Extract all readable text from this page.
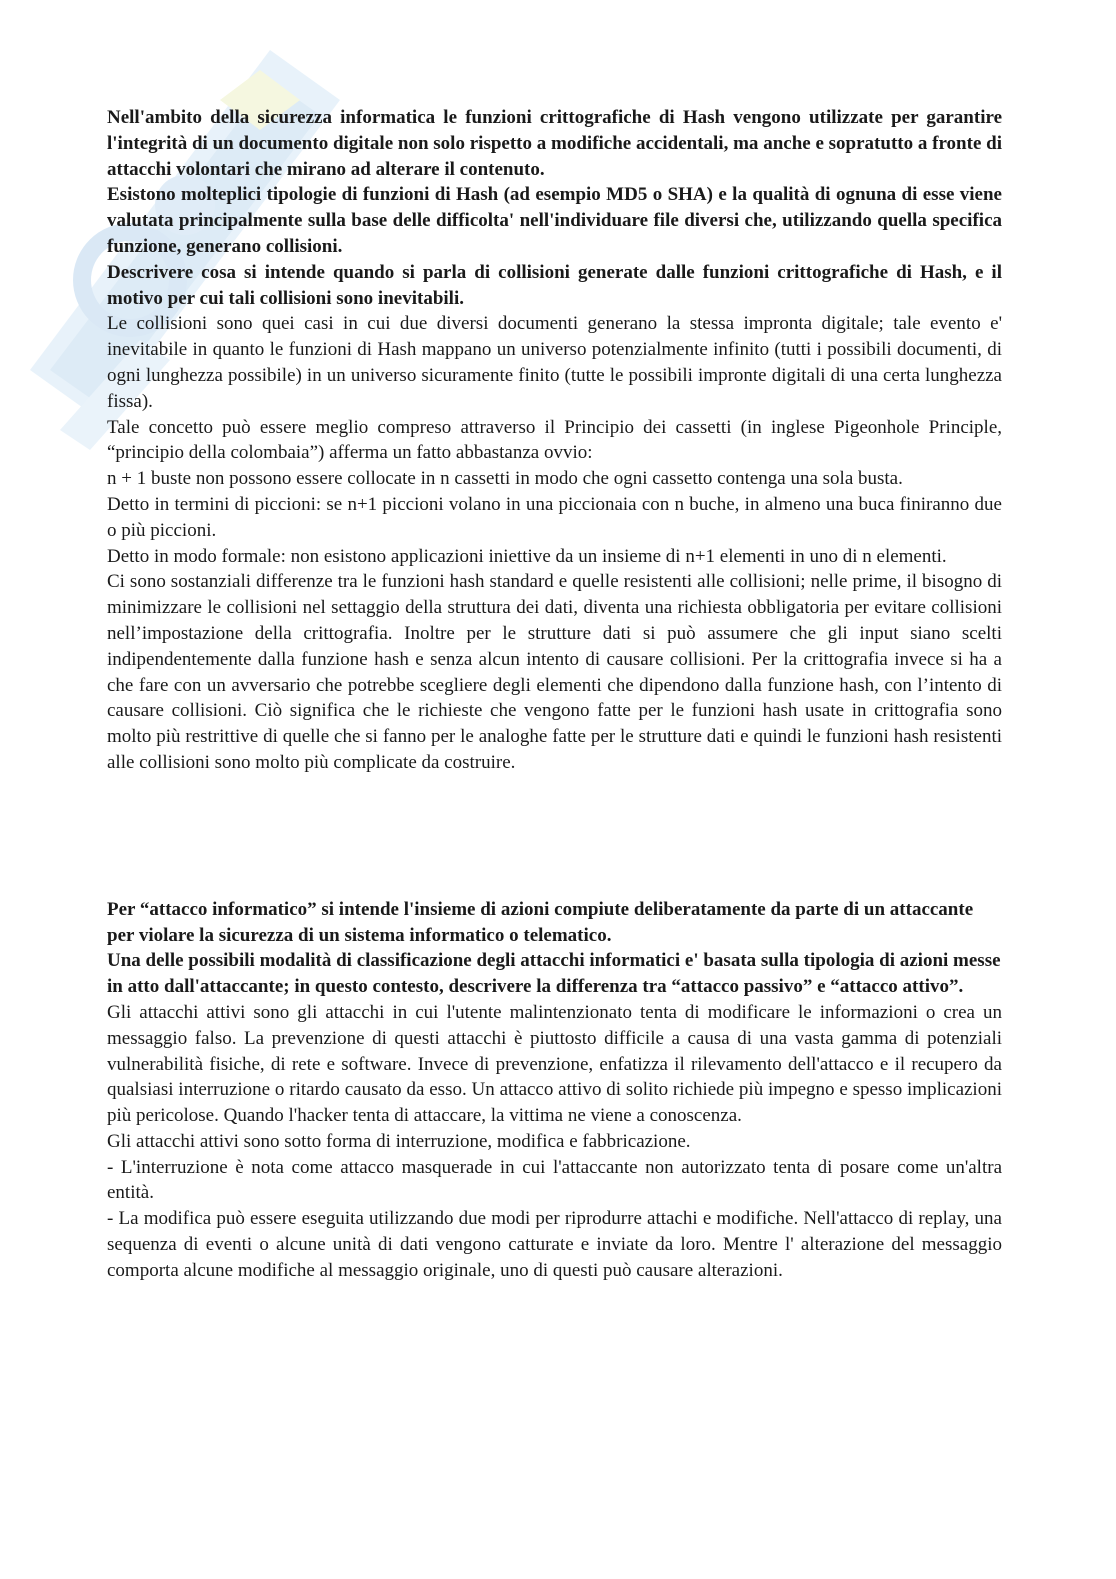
Nell'ambito della sicurezza informatica le funzioni crittografiche di Hash vengono utilizzate per garantire l'integrità di un documento digitale non solo rispetto a modifiche accidentali, ma anche e sopratutto a fronte di attacchi volontari che mirano ad alterare il contenuto.

Esistono molteplici tipologie di funzioni di Hash (ad esempio MD5 o SHA) e la qualità di ognuna di esse viene valutata principalmente sulla base delle difficolta' nell'individuare file diversi che, utilizzando quella specifica funzione, generano collisioni.

Descrivere cosa si intende quando si parla di collisioni generate dalle funzioni crittografiche di Hash, e il motivo per cui tali collisioni sono inevitabili.

Le collisioni sono quei casi in cui due diversi documenti generano la stessa impronta digitale; tale evento e' inevitabile in quanto le funzioni di Hash mappano un universo potenzialmente infinito (tutti i possibili documenti, di ogni lunghezza possibile) in un universo sicuramente finito (tutte le possibili impronte digitali di una certa lunghezza fissa).

Tale concetto può essere meglio compreso attraverso il Principio dei cassetti (in inglese Pigeonhole Principle, “principio della colombaia”) afferma un fatto abbastanza ovvio:

n + 1 buste non possono essere collocate in n cassetti in modo che ogni cassetto contenga una sola busta.

Detto in termini di piccioni: se n+1 piccioni volano in una piccionaia con n buche, in almeno una buca finiranno due o più piccioni.

Detto in modo formale: non esistono applicazioni iniettive da un insieme di n+1 elementi in uno di n elementi.

Ci sono sostanziali differenze tra le funzioni hash standard e quelle resistenti alle collisioni; nelle prime, il bisogno di minimizzare le collisioni nel settaggio della struttura dei dati, diventa una richiesta obbligatoria per evitare collisioni nell’impostazione della crittografia. Inoltre per le strutture dati si può assumere che gli input siano scelti indipendentemente dalla funzione hash e senza alcun intento di causare collisioni. Per la crittografia invece si ha a che fare con un avversario che potrebbe scegliere degli elementi che dipendono dalla funzione hash, con l’intento di causare collisioni. Ciò significa che le richieste che vengono fatte per le funzioni hash usate in crittografia sono molto più restrittive di quelle che si fanno per le analoghe fatte per le strutture dati e quindi le funzioni hash resistenti alle collisioni sono molto più complicate da costruire.

Per “attacco informatico” si intende l'insieme di azioni compiute deliberatamente da parte di un attaccante per violare la sicurezza di un sistema informatico o telematico.

Una delle possibili modalità di classificazione degli attacchi informatici e' basata sulla tipologia di azioni messe in atto dall'attaccante; in questo contesto, descrivere la differenza tra “attacco passivo” e “attacco attivo”.

Gli attacchi attivi sono gli attacchi in cui l'utente malintenzionato tenta di modificare le informazioni o crea un messaggio falso. La prevenzione di questi attacchi è piuttosto difficile a causa di una vasta gamma di potenziali vulnerabilità fisiche, di rete e software. Invece di prevenzione, enfatizza il rilevamento dell'attacco e il recupero da qualsiasi interruzione o ritardo causato da esso. Un attacco attivo di solito richiede più impegno e spesso implicazioni più pericolose. Quando l'hacker tenta di attaccare, la vittima ne viene a conoscenza.

Gli attacchi attivi sono sotto forma di interruzione, modifica e fabbricazione.

- L'interruzione è nota come attacco masquerade in cui l'attaccante non autorizzato tenta di posare come un'altra entità.

- La modifica può essere eseguita utilizzando due modi per riprodurre attachi e modifiche. Nell'attacco di replay, una sequenza di eventi o alcune unità di dati vengono catturate e inviate da loro. Mentre l' alterazione del messaggio comporta alcune modifiche al messaggio originale, uno di questi può causare alterazioni.
